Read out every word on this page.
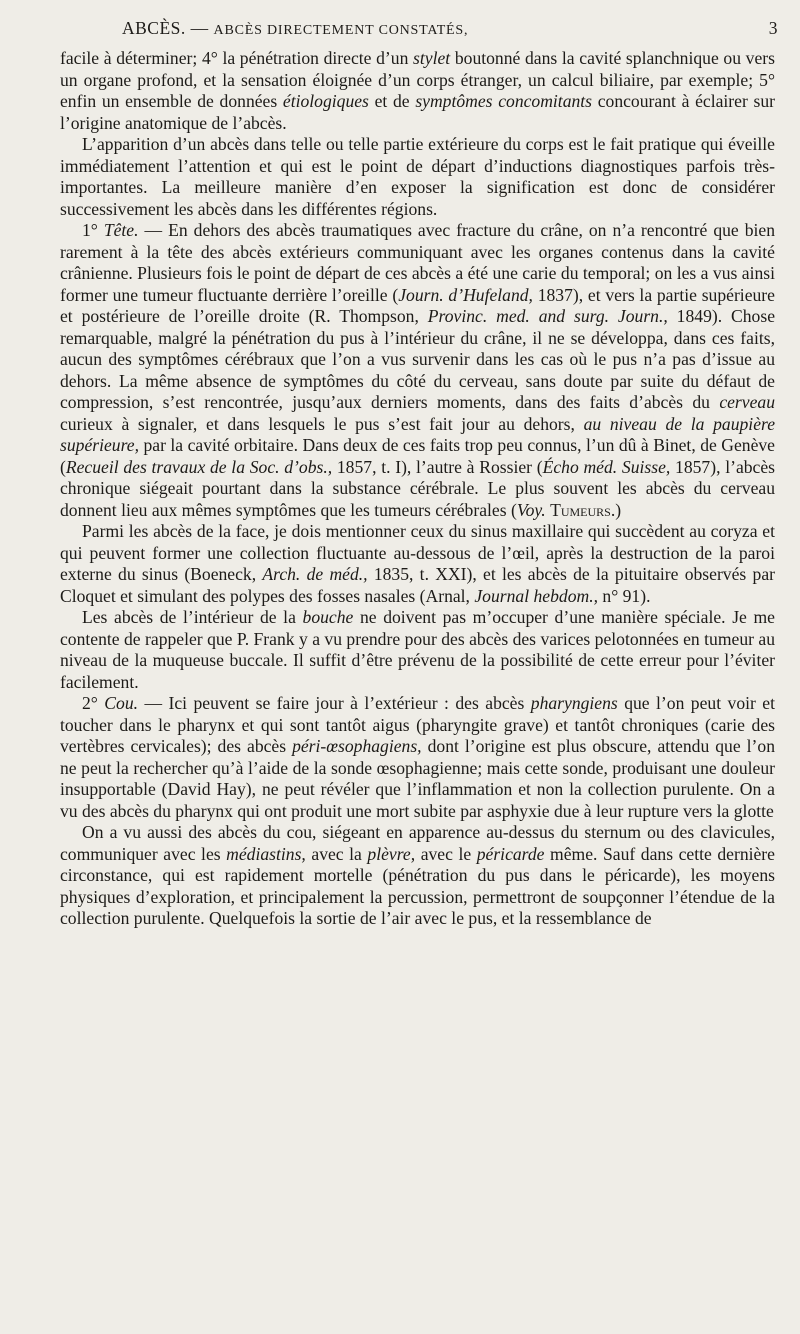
ABCÈS. — ABCÈS DIRECTEMENT CONSTATÉS,	3

facile à déterminer; 4° la pénétration directe d’un stylet boutonné dans la cavité splanchnique ou vers un organe profond, et la sensation éloignée d’un corps étranger, un calcul biliaire, par exemple; 5° enfin un ensemble de données étiologiques et de symptômes concomitants concourant à éclairer sur l’origine anatomique de l’abcès.

L’apparition d’un abcès dans telle ou telle partie extérieure du corps est le fait pratique qui éveille immédiatement l’attention et qui est le point de départ d’inductions diagnostiques parfois très-importantes. La meilleure manière d’en exposer la signification est donc de considérer successivement les abcès dans les différentes régions.

1° Tête. — En dehors des abcès traumatiques avec fracture du crâne, on n’a rencontré que bien rarement à la tête des abcès extérieurs communiquant avec les organes contenus dans la cavité crânienne. Plusieurs fois le point de départ de ces abcès a été une carie du temporal; on les a vus ainsi former une tumeur fluctuante derrière l’oreille (Journ. d’Hufeland, 1837), et vers la partie supérieure et postérieure de l’oreille droite (R. Thompson, Provinc. med. and surg. Journ., 1849). Chose remarquable, malgré la pénétration du pus à l’intérieur du crâne, il ne se développa, dans ces faits, aucun des symptômes cérébraux que l’on a vus survenir dans les cas où le pus n’a pas d’issue au dehors. La même absence de symptômes du côté du cerveau, sans doute par suite du défaut de compression, s’est rencontrée, jusqu’aux derniers moments, dans des faits d’abcès du cerveau curieux à signaler, et dans lesquels le pus s’est fait jour au dehors, au niveau de la paupière supérieure, par la cavité orbitaire. Dans deux de ces faits trop peu connus, l’un dû à Binet, de Genève (Recueil des travaux de la Soc. d’obs., 1857, t. I), l’autre à Rossier (Écho méd. Suisse, 1857), l’abcès chronique siégeait pourtant dans la substance cérébrale. Le plus souvent les abcès du cerveau donnent lieu aux mêmes symptômes que les tumeurs cérébrales (Voy. Tumeurs.)

Parmi les abcès de la face, je dois mentionner ceux du sinus maxillaire qui succèdent au coryza et qui peuvent former une collection fluctuante au-dessous de l’œil, après la destruction de la paroi externe du sinus (Boeneck, Arch. de méd., 1835, t. XXI), et les abcès de la pituitaire observés par Cloquet et simulant des polypes des fosses nasales (Arnal, Journal hebdom., n° 91).

Les abcès de l’intérieur de la bouche ne doivent pas m’occuper d’une manière spéciale. Je me contente de rappeler que P. Frank y a vu prendre pour des abcès des varices pelotonnées en tumeur au niveau de la muqueuse buccale. Il suffit d’être prévenu de la possibilité de cette erreur pour l’éviter facilement.

2° Cou. — Ici peuvent se faire jour à l’extérieur : des abcès pharyngiens que l’on peut voir et toucher dans le pharynx et qui sont tantôt aigus (pharyngite grave) et tantôt chroniques (carie des vertèbres cervicales); des abcès péri-œsophagiens, dont l’origine est plus obscure, attendu que l’on ne peut la rechercher qu’à l’aide de la sonde œsophagienne; mais cette sonde, produisant une douleur insupportable (David Hay), ne peut révéler que l’inflammation et non la collection purulente. On a vu des abcès du pharynx qui ont produit une mort subite par asphyxie due à leur rupture vers la glotte

On a vu aussi des abcès du cou, siégeant en apparence au-dessus du sternum ou des clavicules, communiquer avec les médiastins, avec la plèvre, avec le péricarde même. Sauf dans cette dernière circonstance, qui est rapidement mortelle (pénétration du pus dans le péricarde), les moyens physiques d’exploration, et principalement la percussion, permettront de soupçonner l’étendue de la collection purulente. Quelquefois la sortie de l’air avec le pus, et la ressemblance de
